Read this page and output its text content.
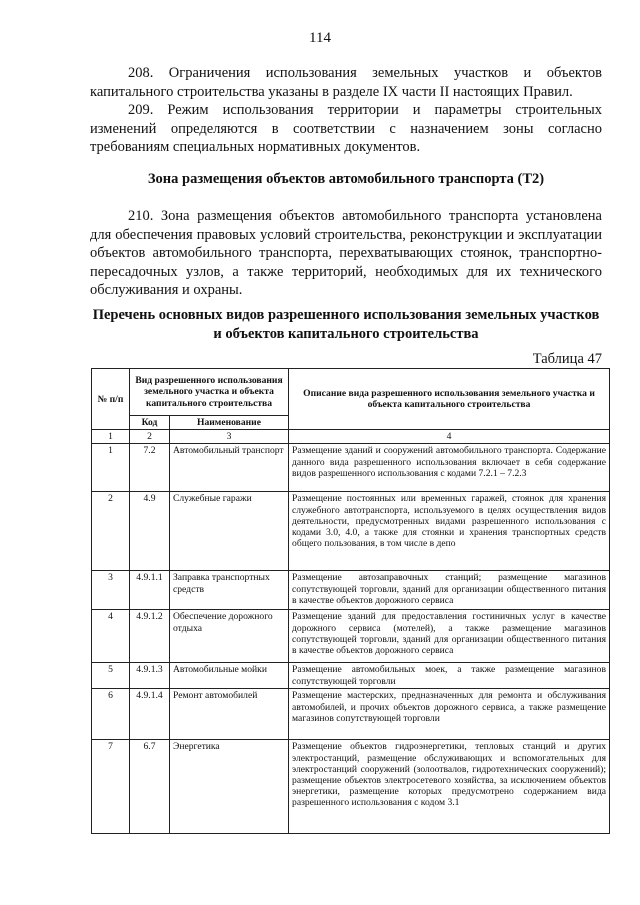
114
208. Ограничения использования земельных участков и объектов капитального строительства указаны в разделе IX части II настоящих Правил.
209. Режим использования территории и параметры строительных изменений определяются в соответствии с назначением зоны согласно требованиям специальных нормативных документов.
Зона размещения объектов автомобильного транспорта (Т2)
210. Зона размещения объектов автомобильного транспорта установлена для обеспечения правовых условий строительства, реконструкции и эксплуатации объектов автомобильного транспорта, перехватывающих стоянок, транспортно-пересадочных узлов, а также территорий, необходимых для их технического обслуживания и охраны.
Перечень основных видов разрешенного использования земельных участков и объектов капитального строительства
Таблица 47
№ п/п	Вид разрешенного использования земельного участка и объекта капитального строительства		Описание вида разрешенного использования земельного участка и объекта капитального строительства
	Код	Наименование	
1	2	3	4
1	7.2	Автомобильный транспорт	Размещение зданий и сооружений автомобильного транспорта. Содержание данного вида разрешенного использования включает в себя содержание видов разрешенного использования с кодами 7.2.1 – 7.2.3
2	4.9	Служебные гаражи	Размещение постоянных или временных гаражей, стоянок для хранения служебного автотранспорта, используемого в целях осуществления видов деятельности, предусмотренных видами разрешенного использования с кодами 3.0, 4.0, а также для стоянки и хранения транспортных средств общего пользования, в том числе в депо
3	4.9.1.1	Заправка транспортных средств	Размещение автозаправочных станций; размещение магазинов сопутствующей торговли, зданий для организации общественного питания в качестве объектов дорожного сервиса
4	4.9.1.2	Обеспечение дорожного отдыха	Размещение зданий для предоставления гостиничных услуг в качестве дорожного сервиса (мотелей), а также размещение магазинов сопутствующей торговли, зданий для организации общественного питания в качестве объектов дорожного сервиса
5	4.9.1.3	Автомобильные мойки	Размещение автомобильных моек, а также размещение магазинов сопутствующей торговли
6	4.9.1.4	Ремонт автомобилей	Размещение мастерских, предназначенных для ремонта и обслуживания автомобилей, и прочих объектов дорожного сервиса, а также размещение магазинов сопутствующей торговли
7	6.7	Энергетика	Размещение объектов гидроэнергетики, тепловых станций и других электростанций, размещение обслуживающих и вспомогательных для электростанций сооружений (золоотвалов, гидротехнических сооружений); размещение объектов электросетевого хозяйства, за исключением объектов энергетики, размещение которых предусмотрено содержанием вида разрешенного использования с кодом 3.1
